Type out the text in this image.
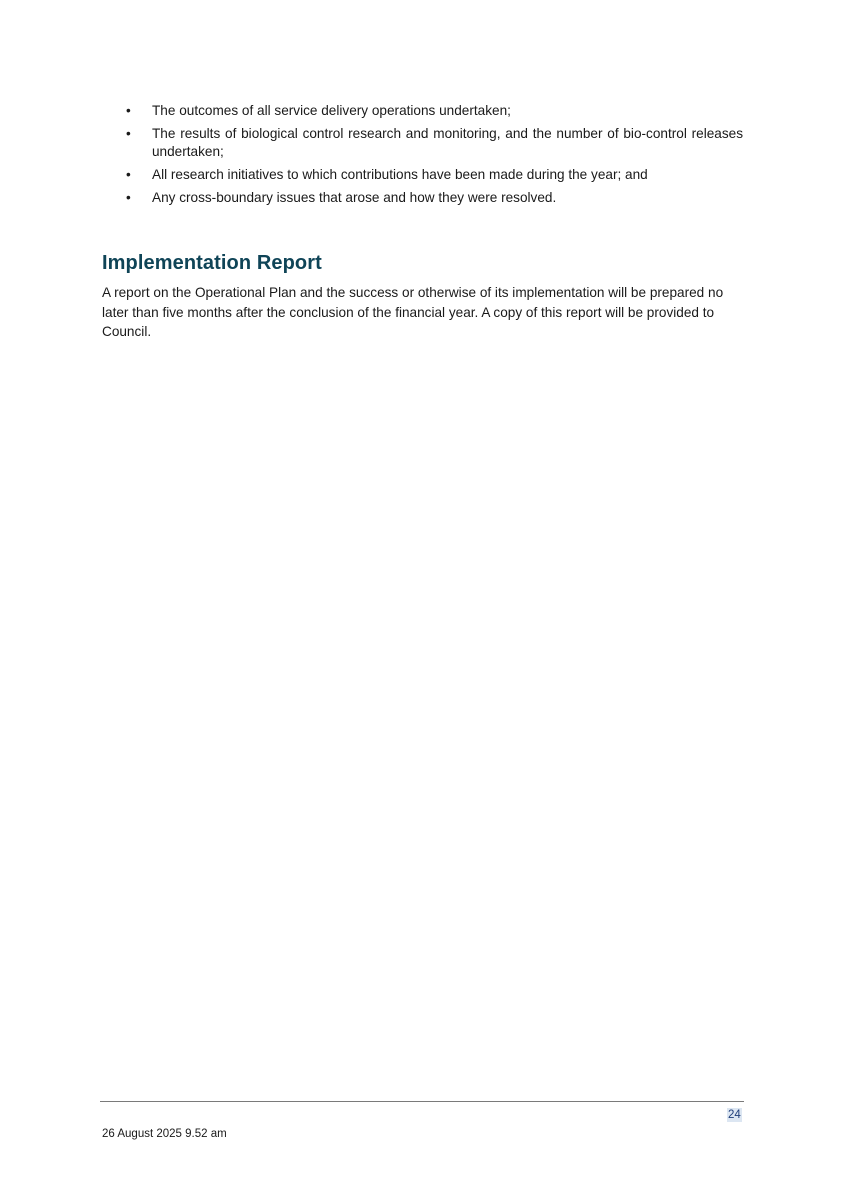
• The outcomes of all service delivery operations undertaken;
• The results of biological control research and monitoring, and the number of bio-control releases undertaken;
• All research initiatives to which contributions have been made during the year; and
• Any cross-boundary issues that arose and how they were resolved.
Implementation Report

A report on the Operational Plan and the success or otherwise of its implementation will be prepared no later than five months after the conclusion of the financial year. A copy of this report will be provided to Council.

24
26 August 2025 9.52 am
